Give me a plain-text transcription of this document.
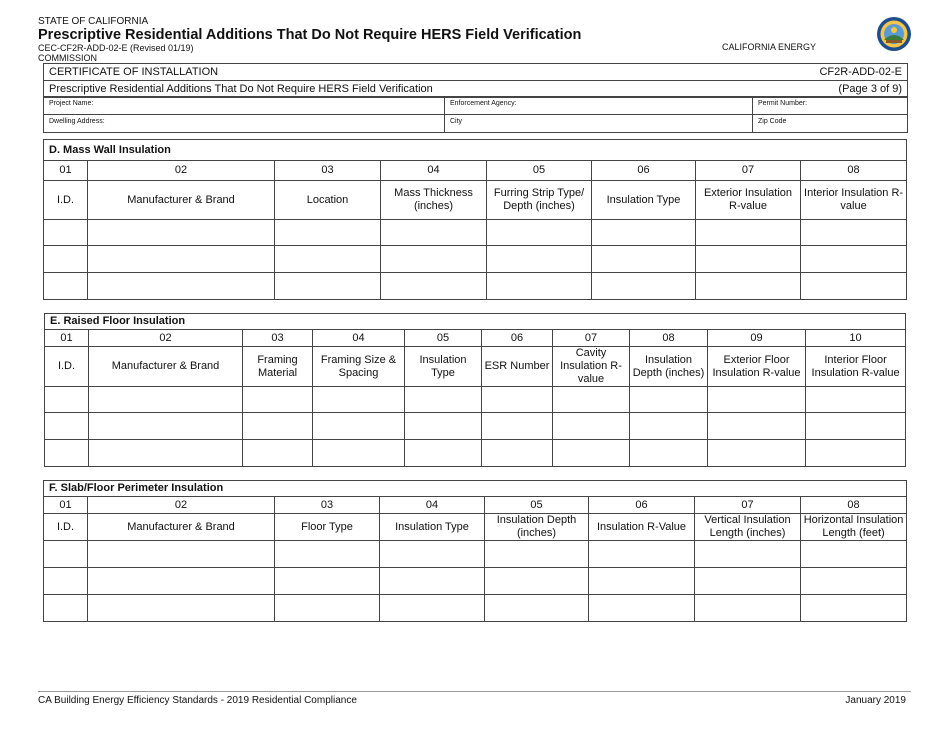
STATE OF CALIFORNIA
Prescriptive Residential Additions That Do Not Require HERS Field Verification
CEC-CF2R-ADD-02-E (Revised 01/19)
COMMISSION
CALIFORNIA ENERGY
CERTIFICATE OF INSTALLATION	CF2R-ADD-02-E
Prescriptive Residential Additions That Do Not Require HERS Field Verification	(Page 3 of 9)
Project Name:	Enforcement Agency:	Permit Number:
Dwelling Address:	City	Zip Code
D. Mass Wall Insulation							
01	02	03	04	05	06	07	08
I.D.	Manufacturer & Brand	Location	Mass Thickness (inches)	Furring Strip Type/ Depth (inches)	Insulation Type	Exterior Insulation R-value	Interior Insulation R-value

E. Raised Floor Insulation									
01	02	03	04	05	06	07	08	09	10
I.D.	Manufacturer & Brand	Framing Material	Framing Size & Spacing	Insulation Type	ESR Number	Cavity Insulation R-value	Insulation Depth (inches)	Exterior Floor Insulation R-value	Interior Floor Insulation R-value

F. Slab/Floor Perimeter Insulation							
01	02	03	04	05	06	07	08
I.D.	Manufacturer & Brand	Floor Type	Insulation Type	Insulation Depth (inches)	Insulation R-Value	Vertical Insulation Length (inches)	Horizontal Insulation Length (feet)

CA Building Energy Efficiency Standards - 2019 Residential Compliance	January 2019
